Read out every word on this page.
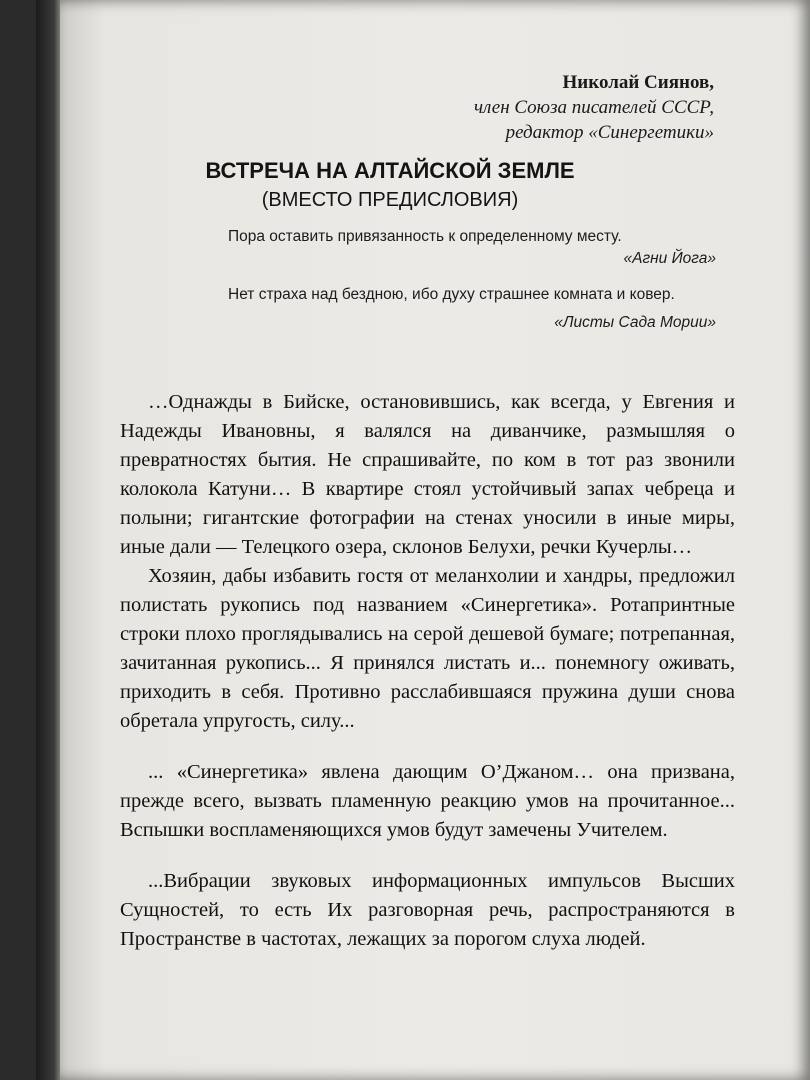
Николай Сиянов,
член Союза писателей СССР,
редактор «Синергетики»
ВСТРЕЧА НА АЛТАЙСКОЙ ЗЕМЛЕ
(ВМЕСТО ПРЕДИСЛОВИЯ)
Пора оставить привязанность к определенному месту.
«Агни Йога»
Нет страха над бездною, ибо духу страшнее комната и ковер.
«Листы Сада Мории»

…Однажды в Бийске, остановившись, как всегда, у Евгения и Надежды Ивановны, я валялся на диванчике, размышляя о превратностях бытия. Не спрашивайте, по ком в тот раз звонили колокола Катуни… В квартире стоял устойчивый запах чебреца и полыни; гигантские фотографии на стенах уносили в иные миры, иные дали — Телецкого озера, склонов Белухи, речки Кучерлы…

Хозяин, дабы избавить гостя от меланхолии и хандры, предложил полистать рукопись под названием «Синергетика». Ротапринтные строки плохо проглядывались на серой дешевой бумаге; потрепанная, зачитанная рукопись... Я принялся листать и... понемногу оживать, приходить в себя. Противно расслабившаяся пружина души снова обретала упругость, силу...

... «Синергетика» явлена дающим О’Джаном… она призвана, прежде всего, вызвать пламенную реакцию умов на прочитанное... Вспышки воспламеняющихся умов будут замечены Учителем.

...Вибрации звуковых информационных импульсов Высших Сущностей, то есть Их разговорная речь, распространяются в Пространстве в частотах, лежащих за порогом слуха людей.
